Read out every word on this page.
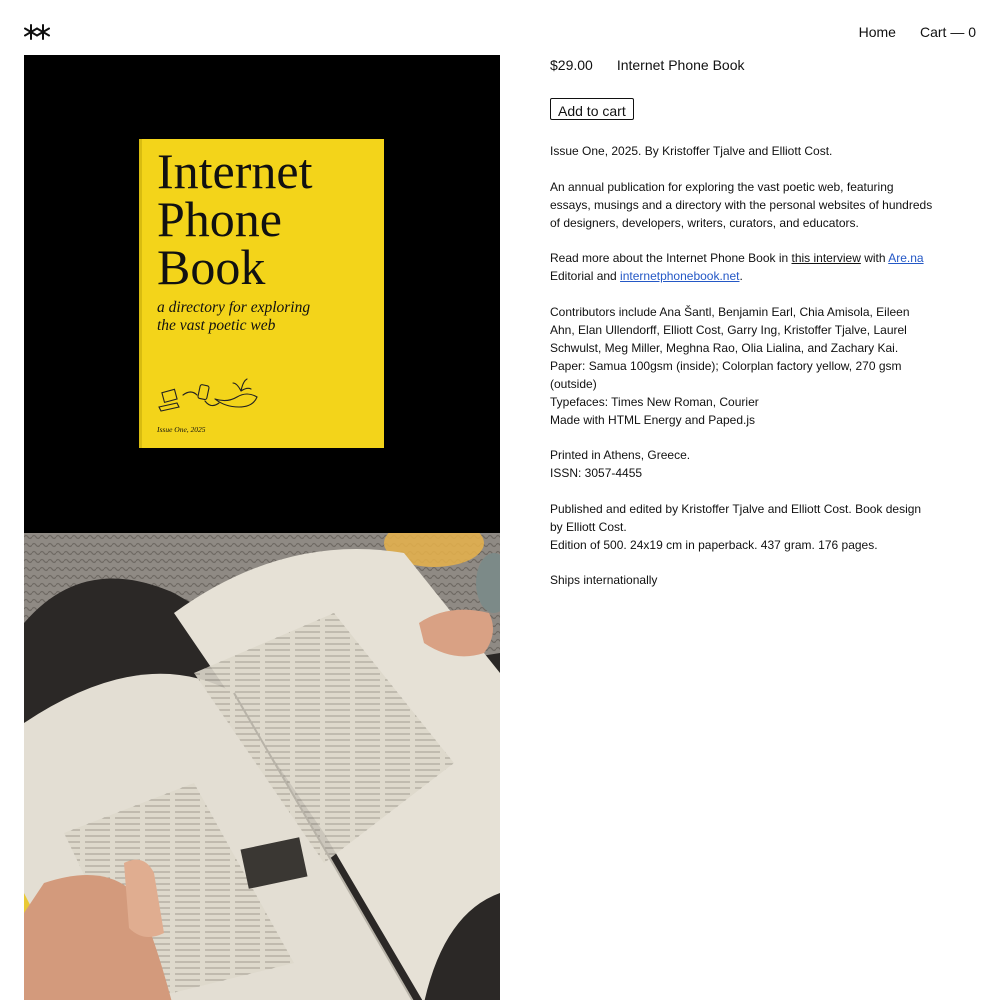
Home Cart — 0
Internet
Phone
Book

a directory for exploring
the vast poetic web

Issue One, 2025

$29.00 Internet Phone Book
Add to cart

Issue One, 2025. By Kristoffer Tjalve and Elliott Cost.

An annual publication for exploring the vast poetic web, featuring essays, musings and a directory with the personal websites of hundreds of designers, developers, writers, curators, and educators.

Read more about the Internet Phone Book in this interview with Are.na Editorial and internetphonebook.net.

Contributors include Ana Šantl, Benjamin Earl, Chia Amisola, Eileen Ahn, Elan Ullendorff, Elliott Cost, Garry Ing, Kristoffer Tjalve, Laurel Schwulst, Meg Miller, Meghna Rao, Olia Lialina, and Zachary Kai.
Paper: Samua 100gsm (inside); Colorplan factory yellow, 270 gsm (outside)
Typefaces: Times New Roman, Courier
Made with HTML Energy and Paped.js

Printed in Athens, Greece.
ISSN: 3057-4455

Published and edited by Kristoffer Tjalve and Elliott Cost. Book design by Elliott Cost.
Edition of 500. 24x19 cm in paperback. 437 gram. 176 pages.

Ships internationally
